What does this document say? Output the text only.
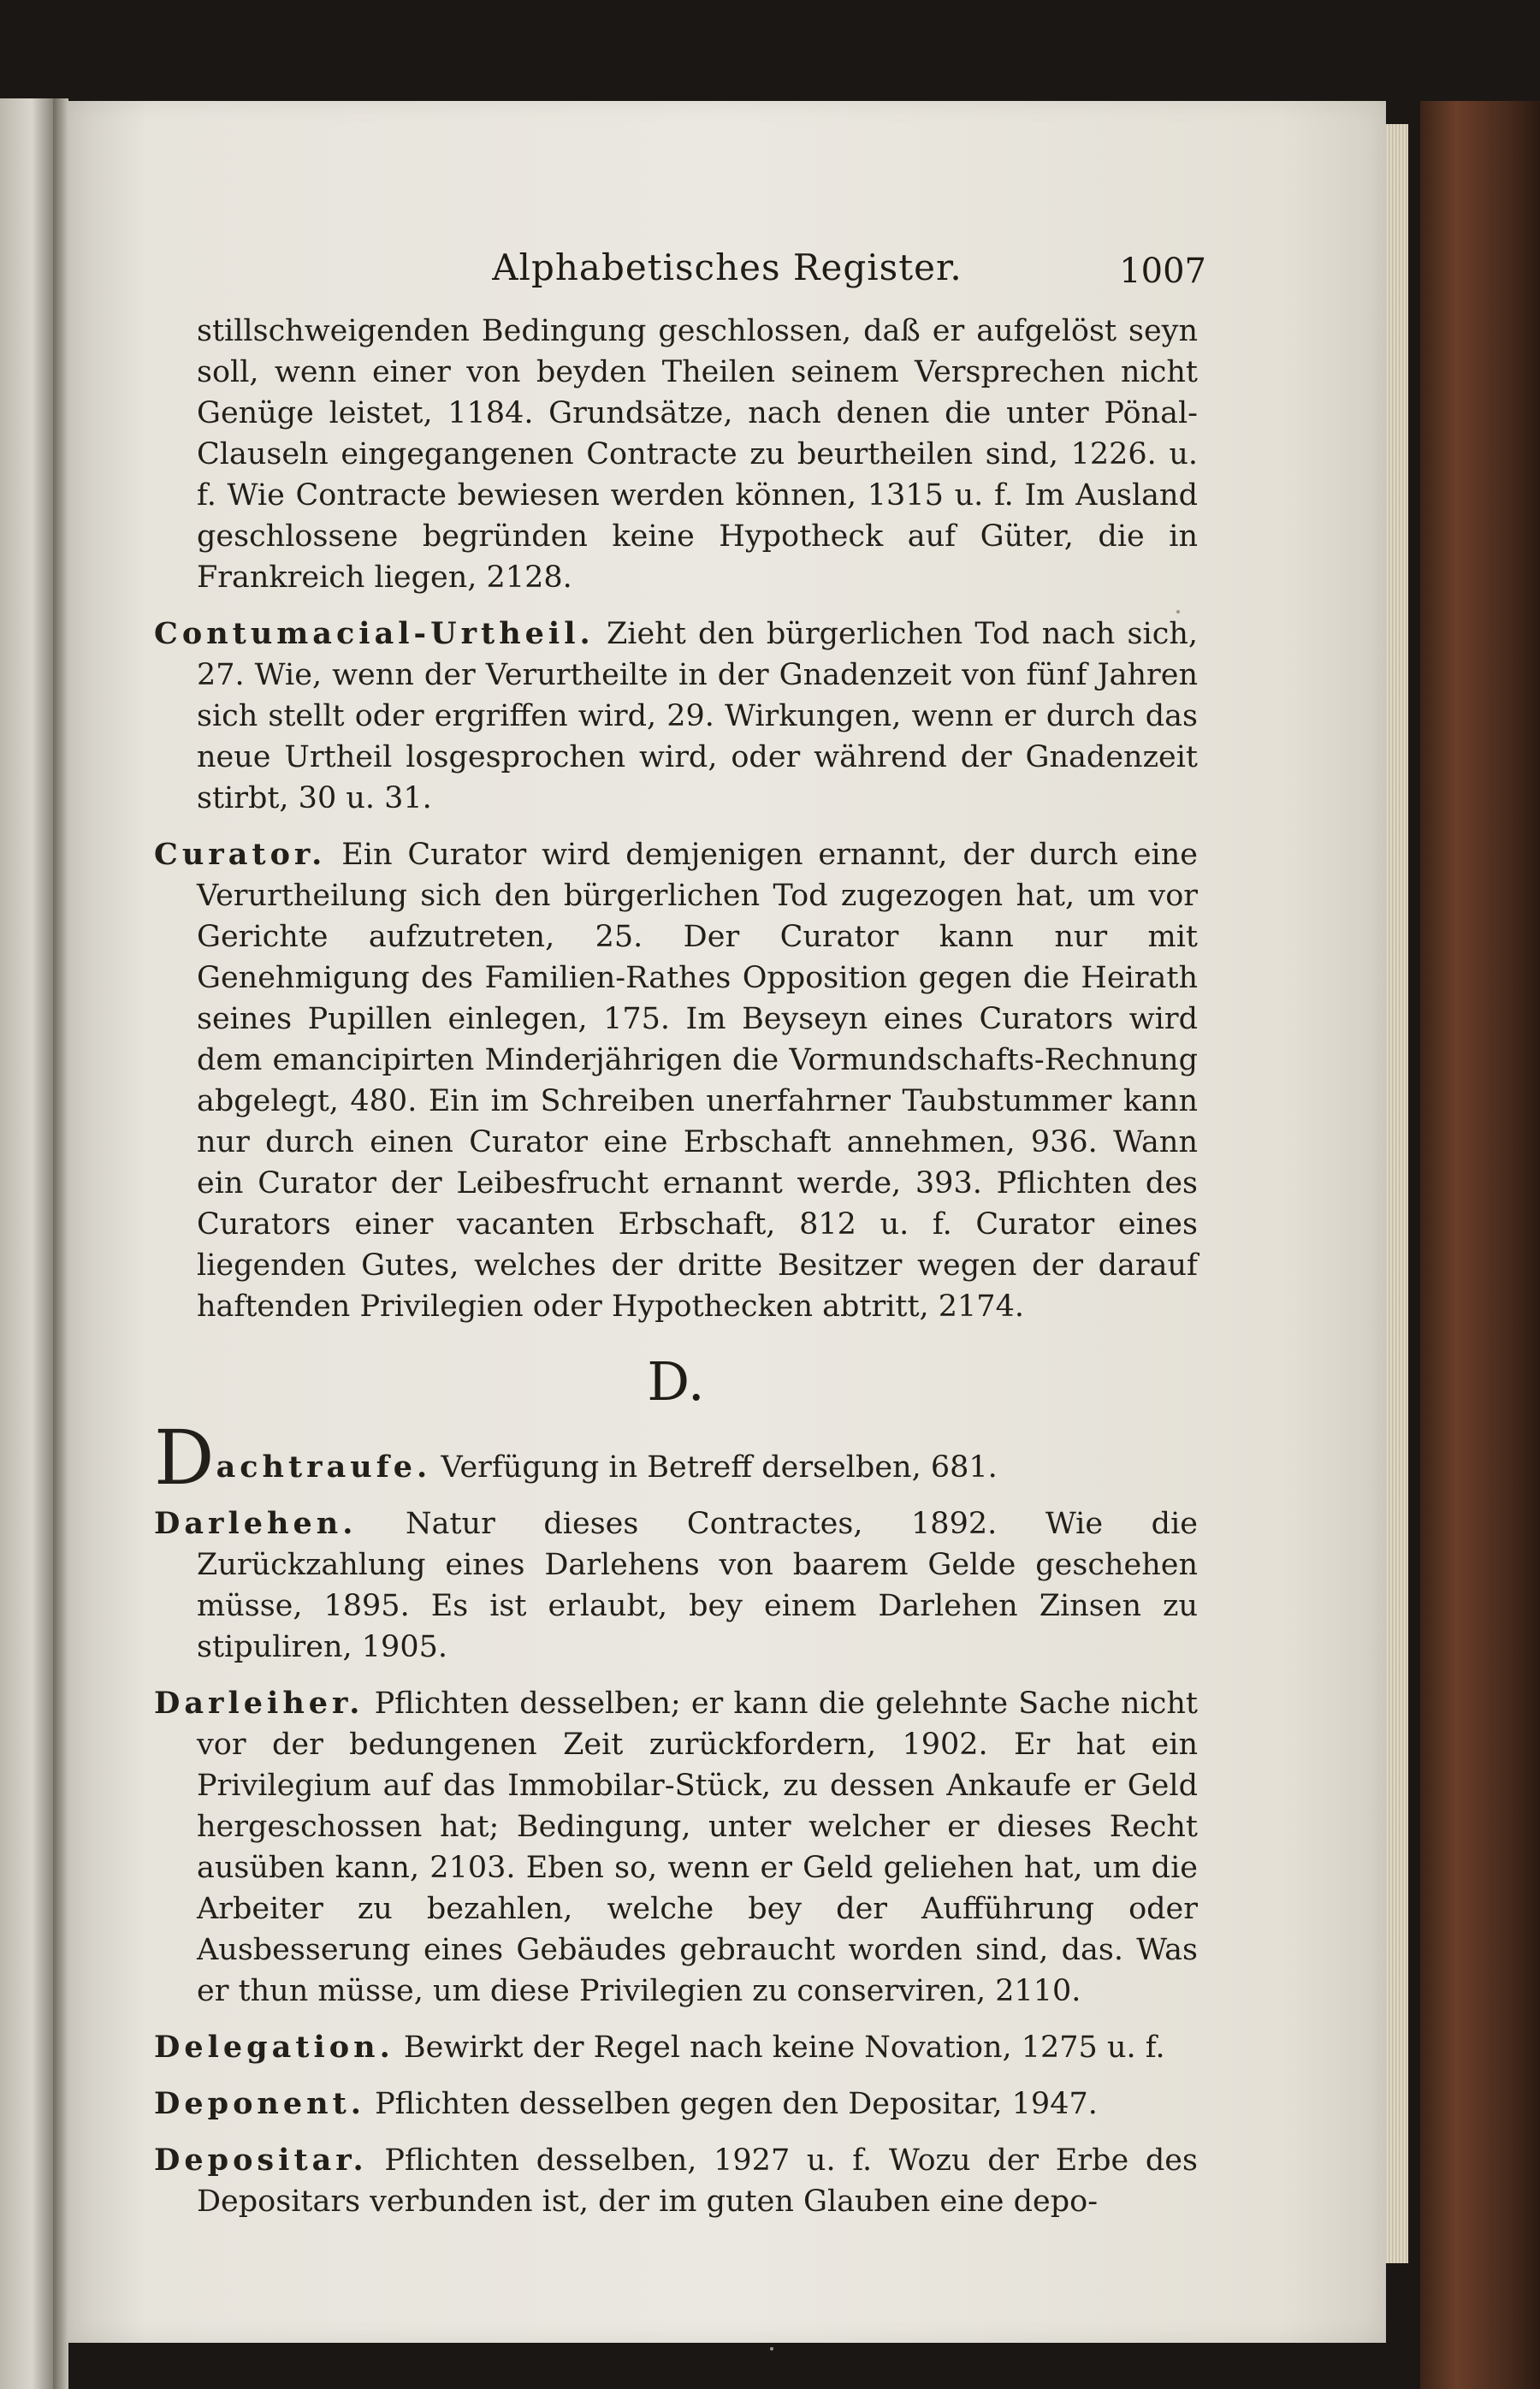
Alphabetisches Register.	1007

stillschweigenden Bedingung geschlossen, daß er aufgelöst seyn soll, wenn einer von beyden Theilen seinem Versprechen nicht Genüge leistet, 1184. Grundsätze, nach denen die unter Pönal-Clauseln eingegangenen Contracte zu beurtheilen sind, 1226. u. f. Wie Contracte bewiesen werden können, 1315 u. f. Im Ausland geschlossene begründen keine Hypotheck auf Güter, die in Frankreich liegen, 2128.

Contumacial-Urtheil. Zieht den bürgerlichen Tod nach sich, 27. Wie, wenn der Verurtheilte in der Gnadenzeit von fünf Jahren sich stellt oder ergriffen wird, 29. Wirkungen, wenn er durch das neue Urtheil losgesprochen wird, oder während der Gnadenzeit stirbt, 30 u. 31.

Curator. Ein Curator wird demjenigen ernannt, der durch eine Verurtheilung sich den bürgerlichen Tod zugezogen hat, um vor Gerichte aufzutreten, 25. Der Curator kann nur mit Genehmigung des Familien-Rathes Opposition gegen die Heirath seines Pupillen einlegen, 175. Im Beyseyn eines Curators wird dem emancipirten Minderjährigen die Vormundschafts-Rechnung abgelegt, 480. Ein im Schreiben unerfahrner Taubstummer kann nur durch einen Curator eine Erbschaft annehmen, 936. Wann ein Curator der Leibesfrucht ernannt werde, 393. Pflichten des Curators einer vacanten Erbschaft, 812 u. f. Curator eines liegenden Gutes, welches der dritte Besitzer wegen der darauf haftenden Privilegien oder Hypothecken abtritt, 2174.

D.

Dachtraufe. Verfügung in Betreff derselben, 681.

Darlehen. Natur dieses Contractes, 1892. Wie die Zurückzahlung eines Darlehens von baarem Gelde geschehen müsse, 1895. Es ist erlaubt, bey einem Darlehen Zinsen zu stipuliren, 1905.

Darleiher. Pflichten desselben; er kann die gelehnte Sache nicht vor der bedungenen Zeit zurückfordern, 1902. Er hat ein Privilegium auf das Immobilar-Stück, zu dessen Ankaufe er Geld hergeschossen hat; Bedingung, unter welcher er dieses Recht ausüben kann, 2103. Eben so, wenn er Geld geliehen hat, um die Arbeiter zu bezahlen, welche bey der Aufführung oder Ausbesserung eines Gebäudes gebraucht worden sind, das. Was er thun müsse, um diese Privilegien zu conserviren, 2110.

Delegation. Bewirkt der Regel nach keine Novation, 1275 u. f.

Deponent. Pflichten desselben gegen den Depositar, 1947.

Depositar. Pflichten desselben, 1927 u. f. Wozu der Erbe des Depositars verbunden ist, der im guten Glauben eine depo-
